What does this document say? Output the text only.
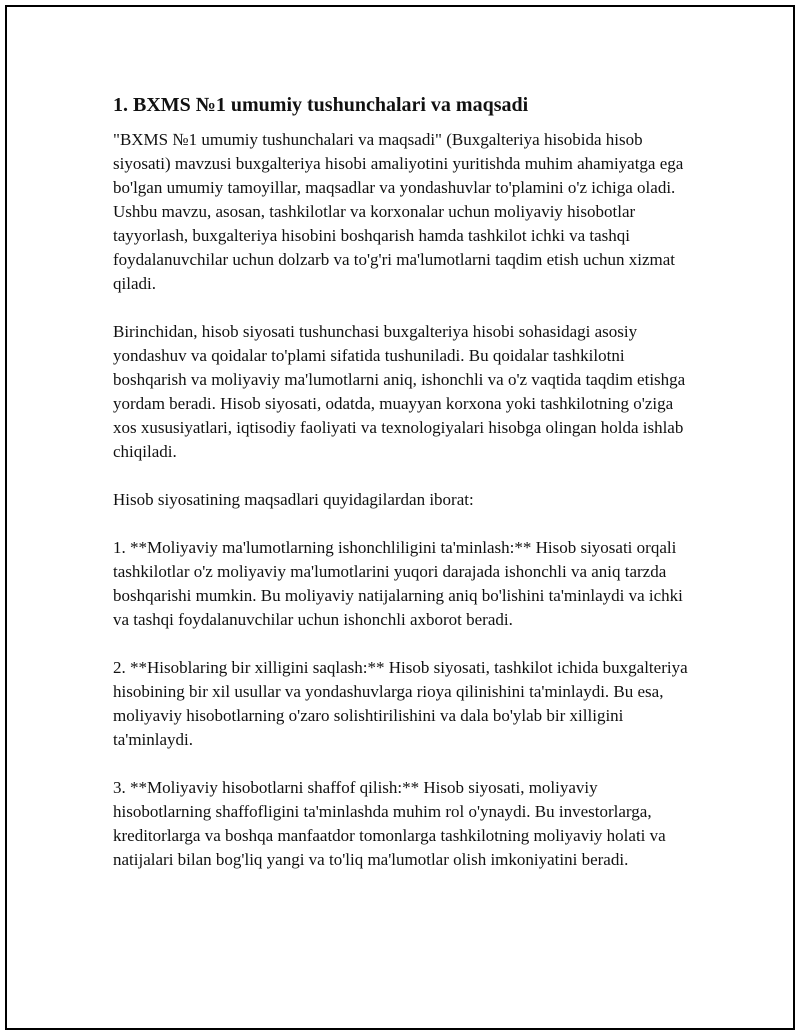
1. BXMS №1 umumiy tushunchalari va maqsadi

"BXMS №1 umumiy tushunchalari va maqsadi" (Buxgalteriya hisobida hisob siyosati) mavzusi buxgalteriya hisobi amaliyotini yuritishda muhim ahamiyatga ega bo'lgan umumiy tamoyillar, maqsadlar va yondashuvlar to'plamini o'z ichiga oladi. Ushbu mavzu, asosan, tashkilotlar va korxonalar uchun moliyaviy hisobotlar tayyorlash, buxgalteriya hisobini boshqarish hamda tashkilot ichki va tashqi foydalanuvchilar uchun dolzarb va to'g'ri ma'lumotlarni taqdim etish uchun xizmat qiladi.

Birinchidan, hisob siyosati tushunchasi buxgalteriya hisobi sohasidagi asosiy yondashuv va qoidalar to'plami sifatida tushuniladi. Bu qoidalar tashkilotni boshqarish va moliyaviy ma'lumotlarni aniq, ishonchli va o'z vaqtida taqdim etishga yordam beradi. Hisob siyosati, odatda, muayyan korxona yoki tashkilotning o'ziga xos xususiyatlari, iqtisodiy faoliyati va texnologiyalari hisobga olingan holda ishlab chiqiladi.

Hisob siyosatining maqsadlari quyidagilardan iborat:

1. **Moliyaviy ma'lumotlarning ishonchliligini ta'minlash:** Hisob siyosati orqali tashkilotlar o'z moliyaviy ma'lumotlarini yuqori darajada ishonchli va aniq tarzda boshqarishi mumkin. Bu moliyaviy natijalarning aniq bo'lishini ta'minlaydi va ichki va tashqi foydalanuvchilar uchun ishonchli axborot beradi.

2. **Hisoblaring bir xilligini saqlash:** Hisob siyosati, tashkilot ichida buxgalteriya hisobining bir xil usullar va yondashuvlarga rioya qilinishini ta'minlaydi. Bu esa, moliyaviy hisobotlarning o'zaro solishtirilishini va dala bo'ylab bir xilligini ta'minlaydi.

3. **Moliyaviy hisobotlarni shaffof qilish:** Hisob siyosati, moliyaviy hisobotlarning shaffofligini ta'minlashda muhim rol o'ynaydi. Bu investorlarga, kreditorlarga va boshqa manfaatdor tomonlarga tashkilotning moliyaviy holati va natijalari bilan bog'liq yangi va to'liq ma'lumotlar olish imkoniyatini beradi.
